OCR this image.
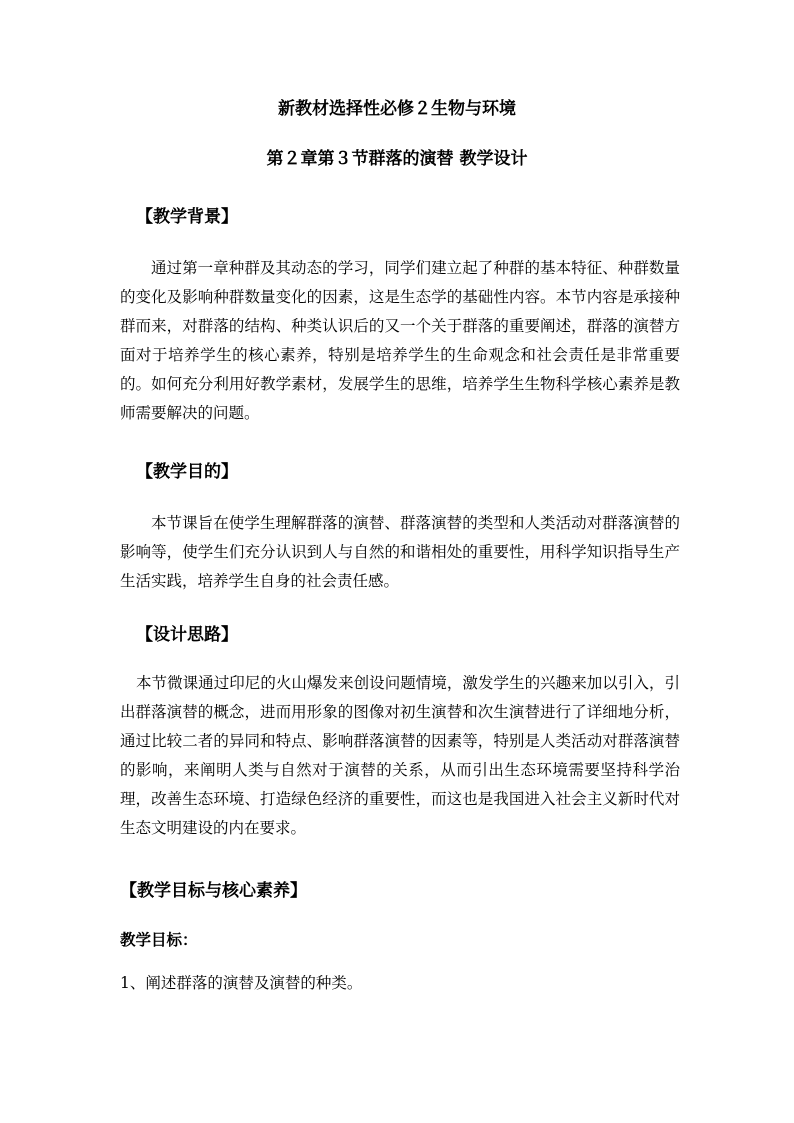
新教材选择性必修２生物与环境
第２章第３节群落的演替 教学设计
【教学背景】

通过第一章种群及其动态的学习，同学们建立起了种群的基本特征、种群数量的变化及影响种群数量变化的因素，这是生态学的基础性内容。本节内容是承接种群而来，对群落的结构、种类认识后的又一个关于群落的重要阐述，群落的演替方面对于培养学生的核心素养，特别是培养学生的生命观念和社会责任是非常重要的。如何充分利用好教学素材，发展学生的思维，培养学生生物科学核心素养是教师需要解决的问题。

【教学目的】

本节课旨在使学生理解群落的演替、群落演替的类型和人类活动对群落演替的影响等，使学生们充分认识到人与自然的和谐相处的重要性，用科学知识指导生产生活实践，培养学生自身的社会责任感。

【设计思路】

本节微课通过印尼的火山爆发来创设问题情境，激发学生的兴趣来加以引入，引出群落演替的概念，进而用形象的图像对初生演替和次生演替进行了详细地分析，通过比较二者的异同和特点、影响群落演替的因素等，特别是人类活动对群落演替的影响，来阐明人类与自然对于演替的关系，从而引出生态环境需要坚持科学治理，改善生态环境、打造绿色经济的重要性，而这也是我国进入社会主义新时代对生态文明建设的内在要求。

【教学目标与核心素养】
教学目标：
1、阐述群落的演替及演替的种类。
